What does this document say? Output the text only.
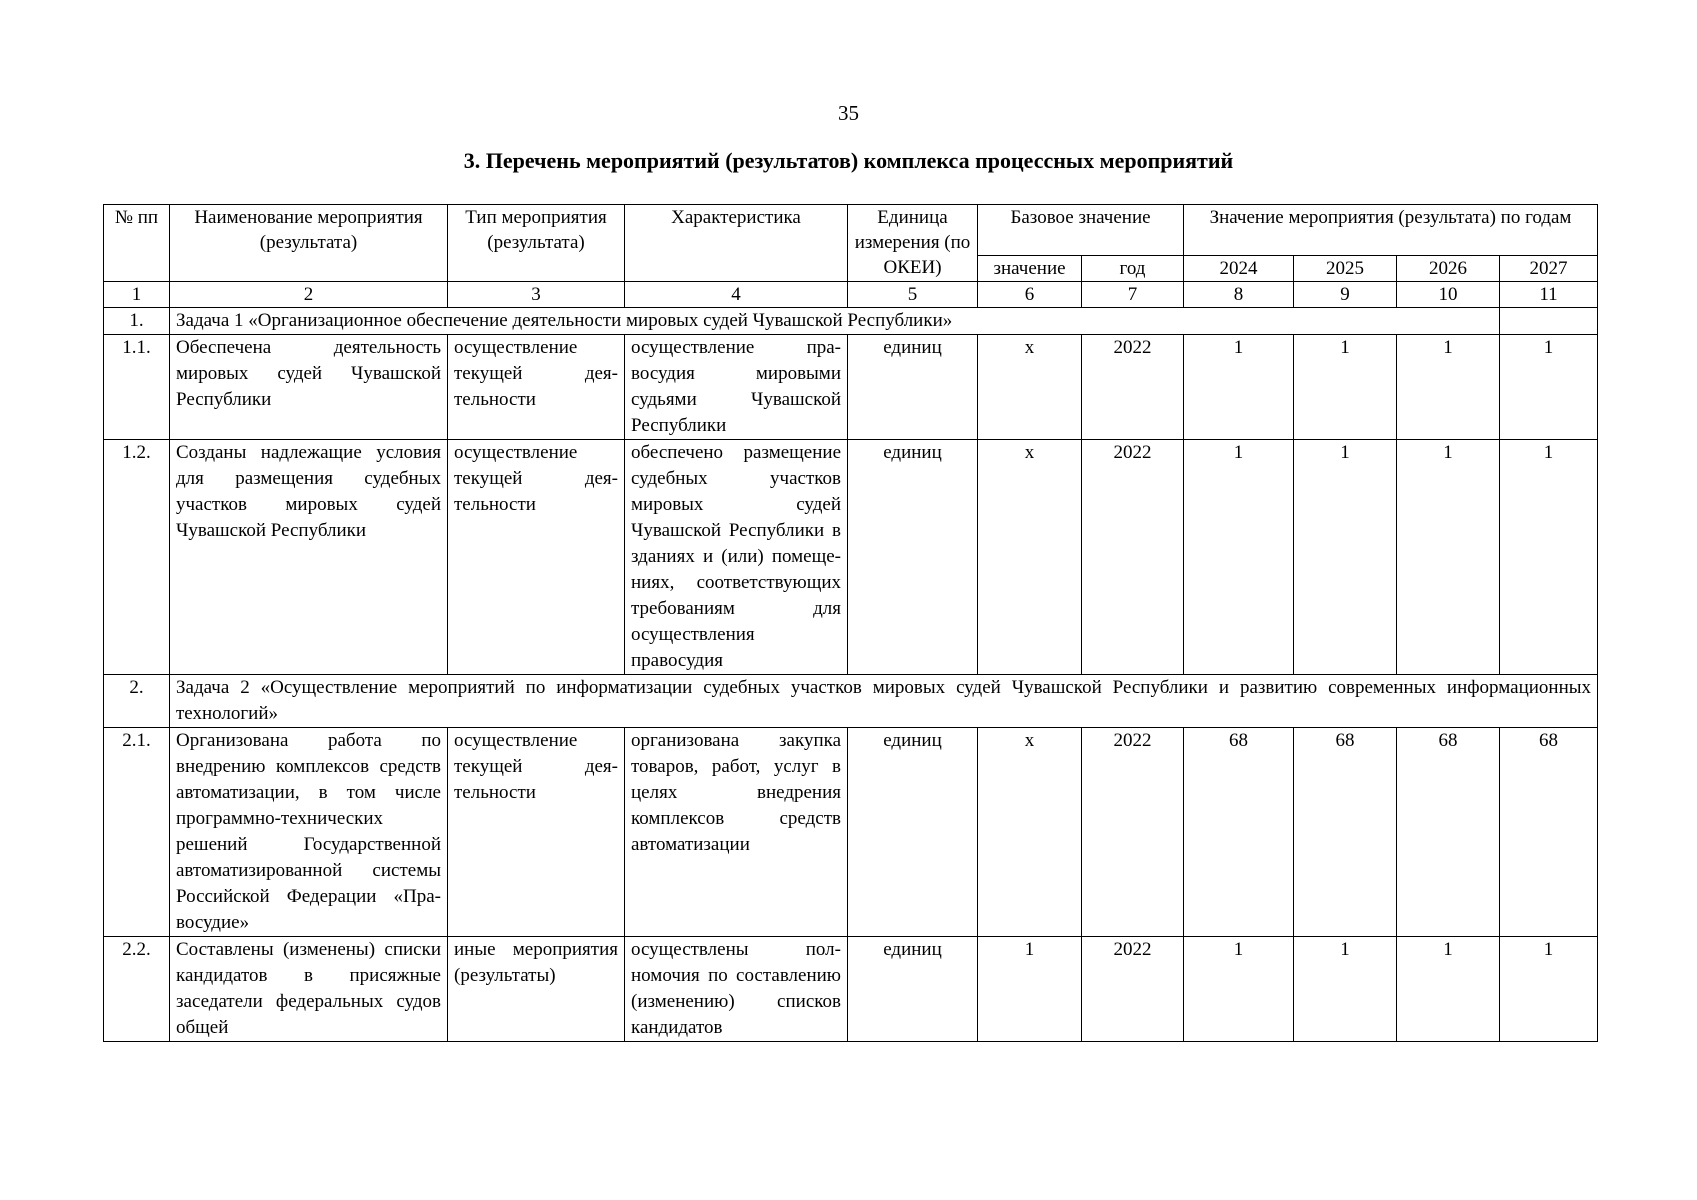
35
3. Перечень мероприятий (результатов) комплекса процессных мероприятий
№ пп	Наименование мероприятия (результата)	Тип мероприятия (результата)	Характеристика	Единица измерения (по ОКЕИ)	Базовое значение		Значение мероприятия (результата) по годам			
					значение	год	2024	2025	2026	2027
1	2	3	4	5	6	7	8	9	10	11
1.	Задача 1 «Организационное обеспечение деятельности мировых судей Чувашской Республики»									
1.1.	Обеспечена деятельность мировых судей Чувашской Республики	осуществление текущей деятельности	осуществление правосудия мировыми судьями Чувашской Республики	единиц	х	2022	1	1	1	1
1.2.	Созданы надлежащие условия для размещения судебных участков мировых судей Чувашской Республики	осуществление текущей деятельности	обеспечено размещение судебных участков мировых судей Чувашской Республики в зданиях и (или) помещениях, соответствующих требованиям для осуществления правосудия	единиц	х	2022	1	1	1	1
2.	Задача 2 «Осуществление мероприятий по информатизации судебных участков мировых судей Чувашской Республики и развитию современных информационных технологий»									
2.1.	Организована работа по внедрению комплексов средств автоматизации, в том числе программно-технических решений Государственной автоматизированной системы Российской Федерации «Правосудие»	осуществление текущей деятельности	организована закупка товаров, работ, услуг в целях внедрения комплексов средств автоматизации	единиц	х	2022	68	68	68	68
2.2.	Составлены (изменены) списки кандидатов в присяжные заседатели федеральных судов общей	иные мероприятия (результаты)	осуществлены полномочия по составлению (изменению) списков кандидатов	единиц	1	2022	1	1	1	1
